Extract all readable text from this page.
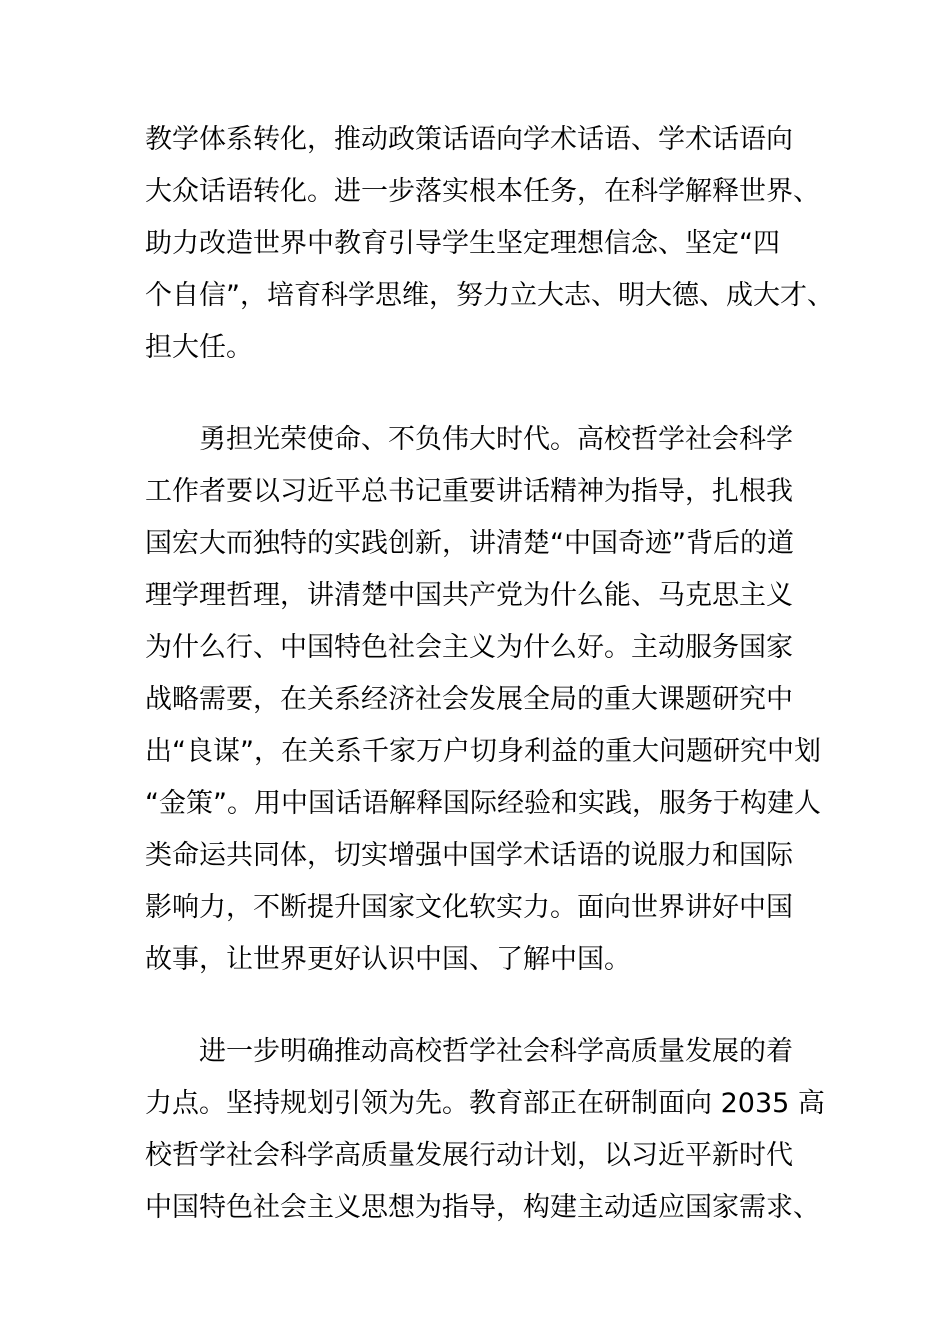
教学体系转化，推动政策话语向学术话语、学术话语向
大众话语转化。进一步落实根本任务，在科学解释世界、
助力改造世界中教育引导学生坚定理想信念、坚定“四
个自信”，培育科学思维，努力立大志、明大德、成大才、
担大任。
　　勇担光荣使命、不负伟大时代。高校哲学社会科学
工作者要以习近平总书记重要讲话精神为指导，扎根我
国宏大而独特的实践创新，讲清楚“中国奇迹”背后的道
理学理哲理，讲清楚中国共产党为什么能、马克思主义
为什么行、中国特色社会主义为什么好。主动服务国家
战略需要，在关系经济社会发展全局的重大课题研究中
出“良谋”，在关系千家万户切身利益的重大问题研究中划
“金策”。用中国话语解释国际经验和实践，服务于构建人
类命运共同体，切实增强中国学术话语的说服力和国际
影响力，不断提升国家文化软实力。面向世界讲好中国
故事，让世界更好认识中国、了解中国。
　　进一步明确推动高校哲学社会科学高质量发展的着
力点。坚持规划引领为先。教育部正在研制面向 2035 高
校哲学社会科学高质量发展行动计划，以习近平新时代
中国特色社会主义思想为指导，构建主动适应国家需求、
